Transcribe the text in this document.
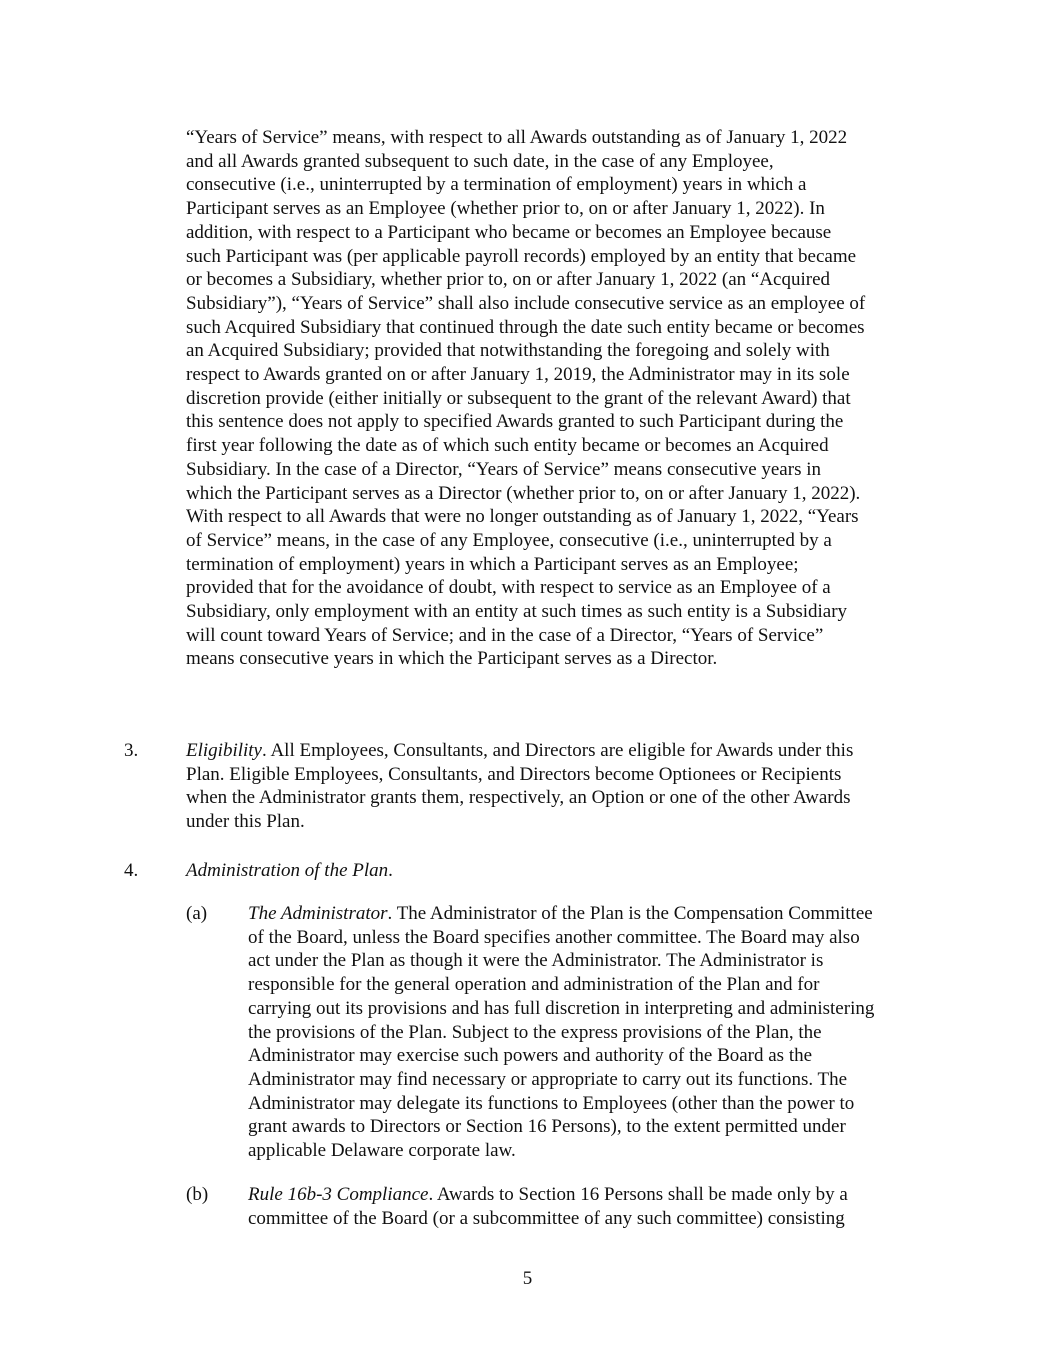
“Years of Service” means, with respect to all Awards outstanding as of January 1, 2022
and all Awards granted subsequent to such date, in the case of any Employee,
consecutive (i.e., uninterrupted by a termination of employment) years in which a
Participant serves as an Employee (whether prior to, on or after January 1, 2022). In
addition, with respect to a Participant who became or becomes an Employee because
such Participant was (per applicable payroll records) employed by an entity that became
or becomes a Subsidiary, whether prior to, on or after January 1, 2022 (an “Acquired
Subsidiary”), “Years of Service” shall also include consecutive service as an employee of
such Acquired Subsidiary that continued through the date such entity became or becomes
an Acquired Subsidiary; provided that notwithstanding the foregoing and solely with
respect to Awards granted on or after January 1, 2019, the Administrator may in its sole
discretion provide (either initially or subsequent to the grant of the relevant Award) that
this sentence does not apply to specified Awards granted to such Participant during the
first year following the date as of which such entity became or becomes an Acquired
Subsidiary. In the case of a Director, “Years of Service” means consecutive years in
which the Participant serves as a Director (whether prior to, on or after January 1, 2022).
With respect to all Awards that were no longer outstanding as of January 1, 2022, “Years
of Service” means, in the case of any Employee, consecutive (i.e., uninterrupted by a
termination of employment) years in which a Participant serves as an Employee;
provided that for the avoidance of doubt, with respect to service as an Employee of a
Subsidiary, only employment with an entity at such times as such entity is a Subsidiary
will count toward Years of Service; and in the case of a Director, “Years of Service”
means consecutive years in which the Participant serves as a Director.

3.	Eligibility. All Employees, Consultants, and Directors are eligible for Awards under this
Plan. Eligible Employees, Consultants, and Directors become Optionees or Recipients
when the Administrator grants them, respectively, an Option or one of the other Awards
under this Plan.

4.	Administration of the Plan.

(a) The Administrator. The Administrator of the Plan is the Compensation Committee
of the Board, unless the Board specifies another committee. The Board may also
act under the Plan as though it were the Administrator. The Administrator is
responsible for the general operation and administration of the Plan and for
carrying out its provisions and has full discretion in interpreting and administering
the provisions of the Plan. Subject to the express provisions of the Plan, the
Administrator may exercise such powers and authority of the Board as the
Administrator may find necessary or appropriate to carry out its functions. The
Administrator may delegate its functions to Employees (other than the power to
grant awards to Directors or Section 16 Persons), to the extent permitted under
applicable Delaware corporate law.

(b) Rule 16b-3 Compliance. Awards to Section 16 Persons shall be made only by a
committee of the Board (or a subcommittee of any such committee) consisting

5
